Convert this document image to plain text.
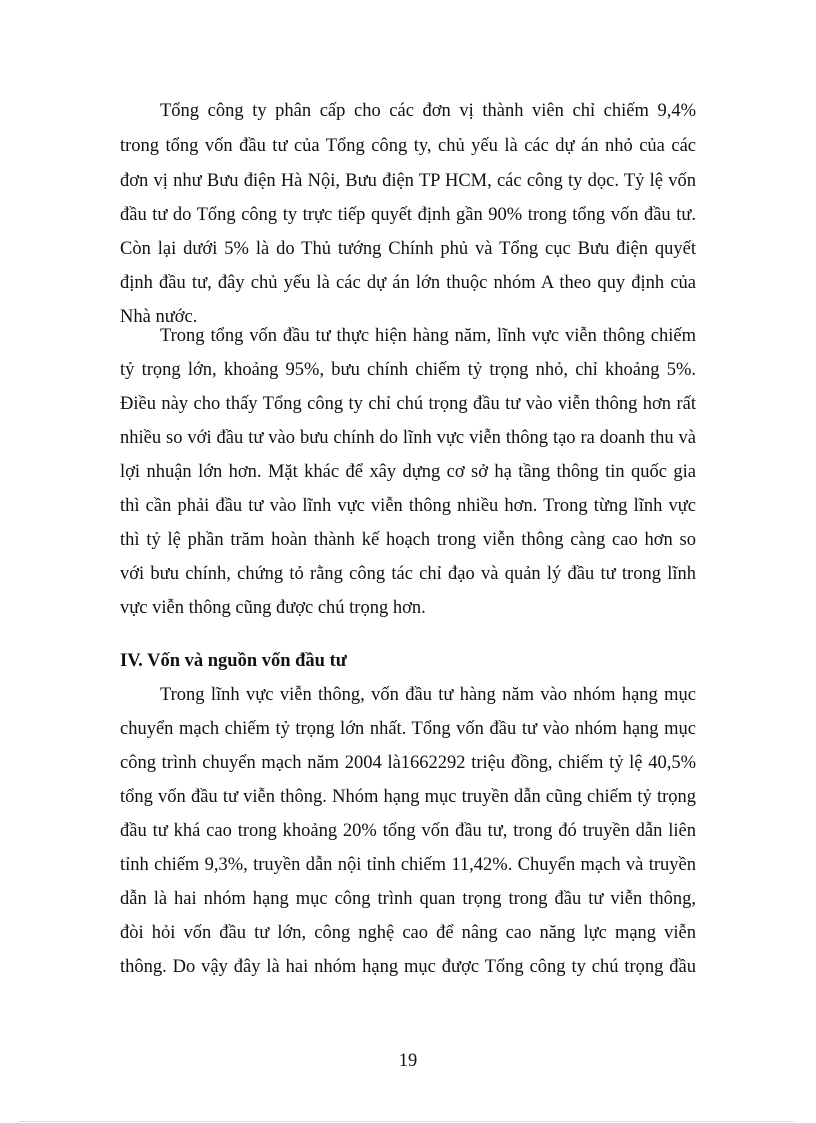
Tổng công ty phân cấp cho các đơn vị thành viên chỉ chiếm 9,4%
trong tổng vốn đầu tư của Tổng công ty, chủ yếu là các dự án nhỏ của các
đơn vị như Bưu điện Hà Nội, Bưu điện TP HCM, các công ty dọc. Tỷ lệ vốn
đầu tư do Tổng công ty trực tiếp quyết định gần 90% trong tổng vốn đầu tư.
Còn lại dưới 5% là do Thủ tướng Chính phủ và Tổng cục Bưu điện quyết
định đầu tư, đây chủ yếu là các dự án lớn thuộc nhóm A theo quy định của
Nhà nước.
Trong tổng vốn đầu tư thực hiện hàng năm, lĩnh vực viễn thông chiếm
tỷ trọng lớn, khoảng 95%, bưu chính chiếm tỷ trọng nhỏ, chỉ khoảng 5%.
Điều này cho thấy Tổng công ty chỉ chú trọng đầu tư vào viễn thông hơn rất
nhiều so với đầu tư vào bưu chính do lĩnh vực viễn thông tạo ra doanh thu và
lợi nhuận lớn hơn. Mặt khác để xây dựng cơ sở hạ tầng thông tin quốc gia
thì cần phải đầu tư vào lĩnh vực viễn thông nhiều hơn. Trong từng lĩnh vực
thì tỷ lệ phần trăm hoàn thành kế hoạch trong viễn thông càng cao hơn so
với bưu chính, chứng tỏ rằng công tác chỉ đạo và quản lý đầu tư trong lĩnh
vực viễn thông cũng được chú trọng hơn.
IV. Vốn và nguồn vốn đầu tư
Trong lĩnh vực viễn thông, vốn đầu tư hàng năm vào nhóm hạng mục
chuyển mạch chiếm tỷ trọng lớn nhất. Tổng vốn đầu tư vào nhóm hạng mục
công trình chuyển mạch năm 2004 là1662292 triệu đồng, chiếm tỷ lệ 40,5%
tổng vốn đầu tư viễn thông. Nhóm hạng mục truyền dẫn cũng chiếm tỷ trọng
đầu tư khá cao trong khoảng 20% tổng vốn đầu tư, trong đó truyền dẫn liên
tỉnh chiếm 9,3%, truyền dẫn nội tỉnh chiếm 11,42%. Chuyển mạch và truyền
dẫn là hai nhóm hạng mục công trình quan trọng trong đầu tư viễn thông,
đòi hỏi vốn đầu tư lớn, công nghệ cao để nâng cao năng lực mạng viễn
thông. Do vậy đây là hai nhóm hạng mục được Tổng công ty chú trọng đầu
19
